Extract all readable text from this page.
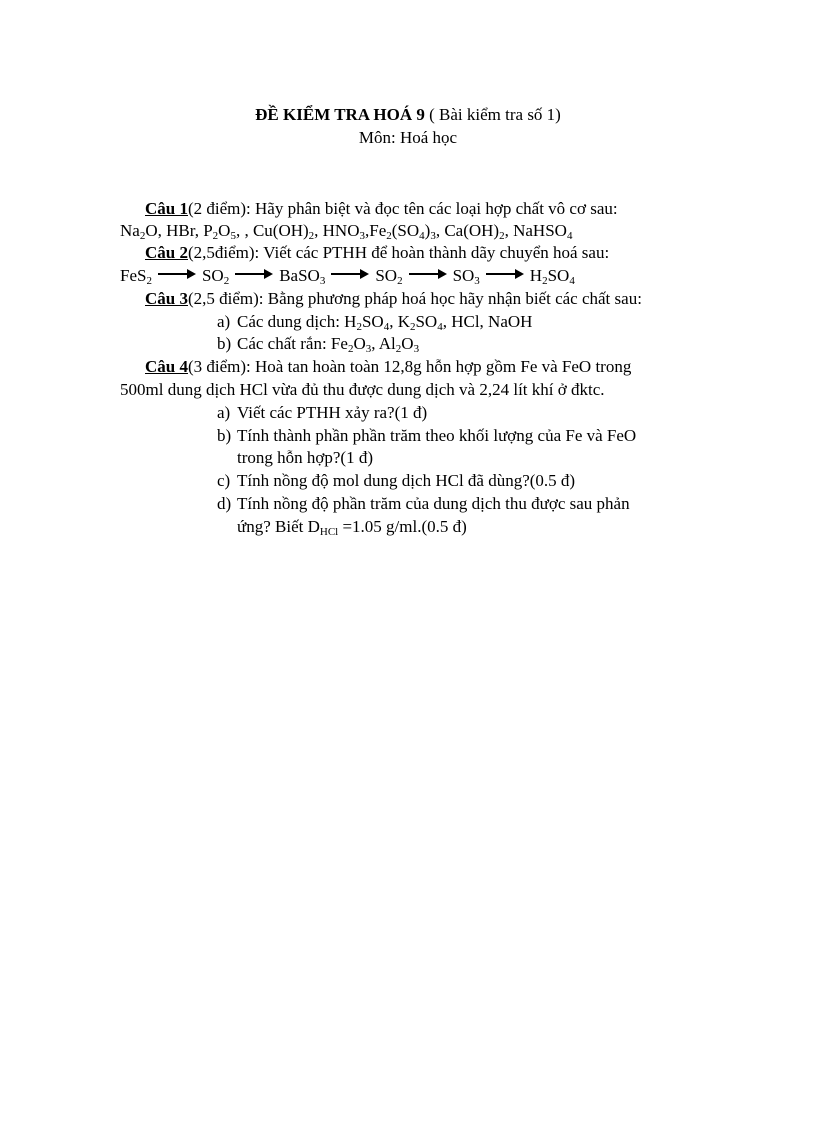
ĐỀ KIỂM TRA HOÁ 9 ( Bài kiểm tra số 1)
Môn: Hoá học
Câu 1(2 điểm): Hãy phân biệt và đọc tên các loại hợp chất vô cơ sau:
$Na_2O$, HBr, $P_2O_5$, , $Cu(OH)_2$, $HNO_3,Fe_2(SO_4)_3$, $Ca(OH)_2$, NaHSO$_4$
Câu 2(2,5điểm): Viết các PTHH để hoàn thành dãy chuyển hoá sau:
FeS$_2$	$SO_2$	BaSO$_3$	$SO_2$	$SO_3$	$H_2SO_4$
Câu 3(2,5 điểm): Bằng phương pháp hoá học hãy nhận biết các chất sau:
a) Các dung dịch: $H_2SO_4$, $K_2SO_4$, HCl, NaOH
b) Các chất rắn: $Fe_2O_3$, $Al_2O_3$
Câu 4(3 điểm): Hoà tan hoàn toàn 12,8g hỗn hợp gồm Fe và FeO trong
500ml dung dịch HCl vừa đủ thu được dung dịch và 2,24 lít khí ở đktc.
a) Viết các PTHH xảy ra?(1 đ)
b) Tính thành phần phần trăm theo khối lượng của Fe và FeO
trong hỗn hợp?(1 đ)
c) Tính nồng độ mol dung dịch HCl đã dùng?(0.5 đ)
d) Tính nồng độ phần trăm của dung dịch thu được sau phản
ứng? Biết $D_{HCl} =1.05$ g/ml.(0.5 đ)
